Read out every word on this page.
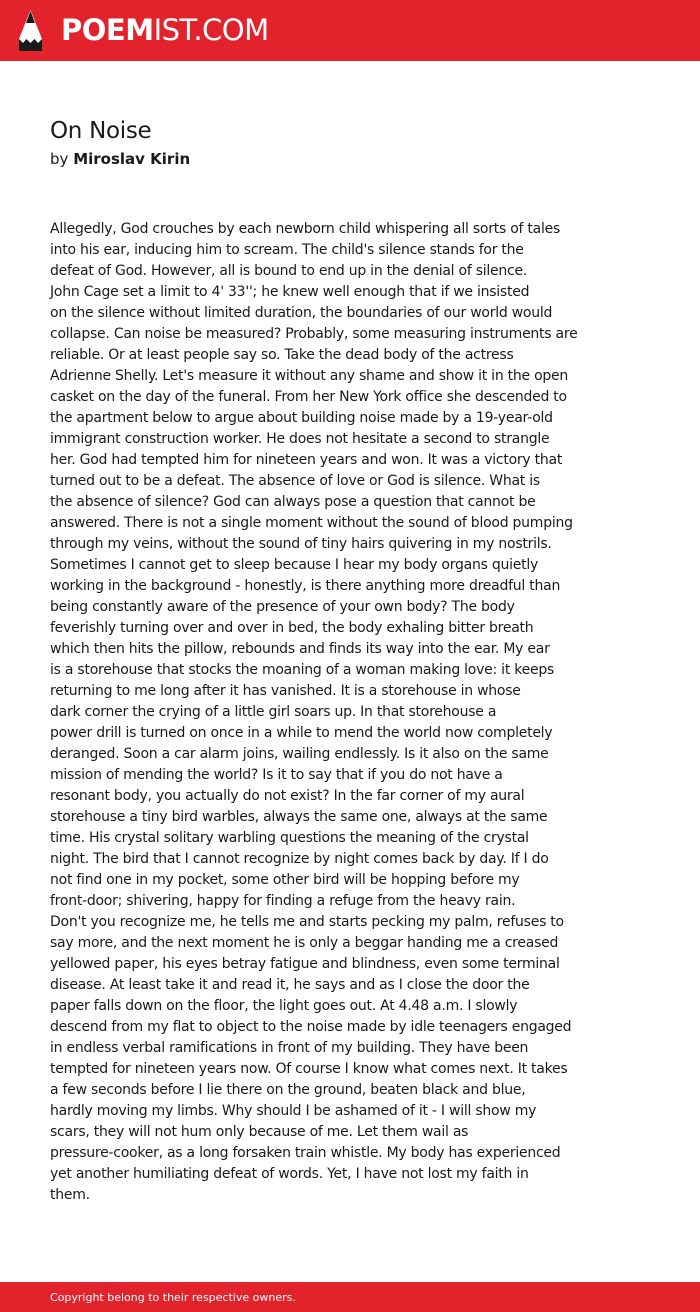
POEMIST.COM
On Noise
by Miroslav Kirin
Allegedly, God crouches by each newborn child whispering all sorts of tales
into his ear, inducing him to scream. The child's silence stands for the
defeat of God. However, all is bound to end up in the denial of silence.
John Cage set a limit to 4' 33''; he knew well enough that if we insisted
on the silence without limited duration, the boundaries of our world would
collapse. Can noise be measured? Probably, some measuring instruments are
reliable. Or at least people say so. Take the dead body of the actress
Adrienne Shelly. Let's measure it without any shame and show it in the open
casket on the day of the funeral. From her New York office she descended to
the apartment below to argue about building noise made by a 19-year-old
immigrant construction worker. He does not hesitate a second to strangle
her. God had tempted him for nineteen years and won. It was a victory that
turned out to be a defeat. The absence of love or God is silence. What is
the absence of silence? God can always pose a question that cannot be
answered. There is not a single moment without the sound of blood pumping
through my veins, without the sound of tiny hairs quivering in my nostrils.
Sometimes I cannot get to sleep because I hear my body organs quietly
working in the background - honestly, is there anything more dreadful than
being constantly aware of the presence of your own body? The body
feverishly turning over and over in bed, the body exhaling bitter breath
which then hits the pillow, rebounds and finds its way into the ear. My ear
is a storehouse that stocks the moaning of a woman making love: it keeps
returning to me long after it has vanished. It is a storehouse in whose
dark corner the crying of a little girl soars up. In that storehouse a
power drill is turned on once in a while to mend the world now completely
deranged. Soon a car alarm joins, wailing endlessly. Is it also on the same
mission of mending the world? Is it to say that if you do not have a
resonant body, you actually do not exist? In the far corner of my aural
storehouse a tiny bird warbles, always the same one, always at the same
time. His crystal solitary warbling questions the meaning of the crystal
night. The bird that I cannot recognize by night comes back by day. If I do
not find one in my pocket, some other bird will be hopping before my
front-door; shivering, happy for finding a refuge from the heavy rain.
Don't you recognize me, he tells me and starts pecking my palm, refuses to
say more, and the next moment he is only a beggar handing me a creased
yellowed paper, his eyes betray fatigue and blindness, even some terminal
disease. At least take it and read it, he says and as I close the door the
paper falls down on the floor, the light goes out. At 4.48 a.m. I slowly
descend from my flat to object to the noise made by idle teenagers engaged
in endless verbal ramifications in front of my building. They have been
tempted for nineteen years now. Of course I know what comes next. It takes
a few seconds before I lie there on the ground, beaten black and blue,
hardly moving my limbs. Why should I be ashamed of it - I will show my
scars, they will not hum only because of me. Let them wail as
pressure-cooker, as a long forsaken train whistle. My body has experienced
yet another humiliating defeat of words. Yet, I have not lost my faith in
them.
Copyright belong to their respective owners.
